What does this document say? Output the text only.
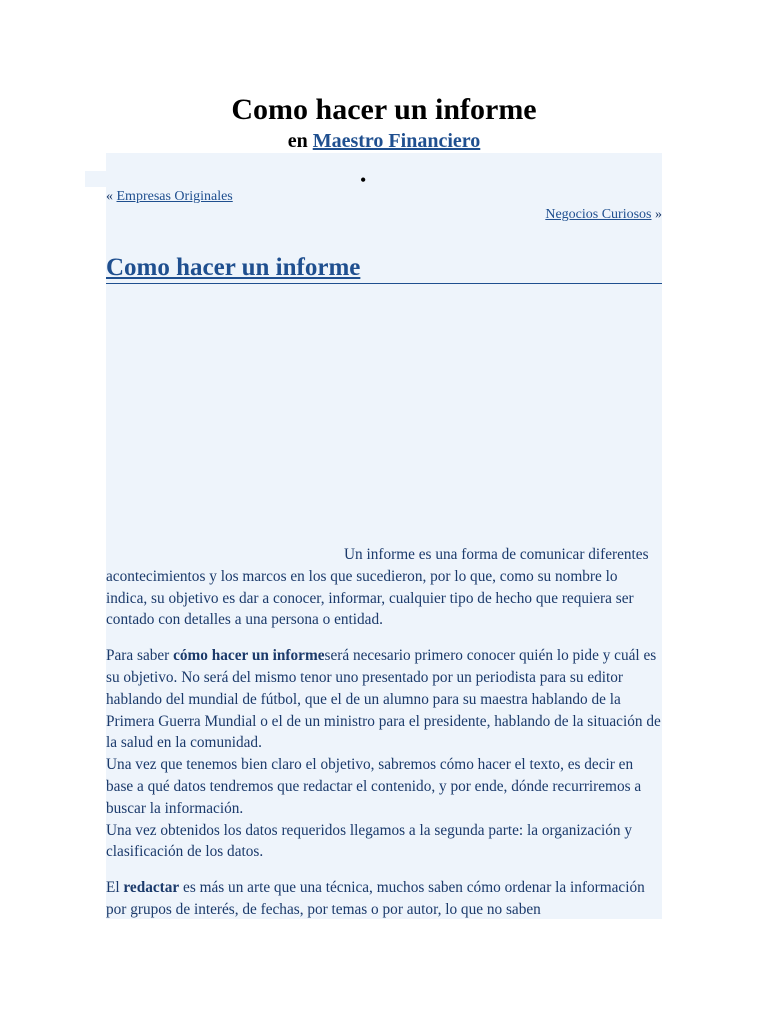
Como hacer un informe
en Maestro Financiero
•
« Empresas Originales
Negocios Curiosos »
Como hacer un informe

Un informe es una forma de comunicar diferentes acontecimientos y los marcos en los que sucedieron, por lo que, como su nombre lo indica, su objetivo es dar a conocer, informar, cualquier tipo de hecho que requiera ser contado con detalles a una persona o entidad.

Para saber cómo hacer un informeserá necesario primero conocer quién lo pide y cuál es su objetivo. No será del mismo tenor uno presentado por un periodista para su editor hablando del mundial de fútbol, que el de un alumno para su maestra hablando de la Primera Guerra Mundial o el de un ministro para el presidente, hablando de la situación de la salud en la comunidad.
Una vez que tenemos bien claro el objetivo, sabremos cómo hacer el texto, es decir en base a qué datos tendremos que redactar el contenido, y por ende, dónde recurriremos a buscar la información.
Una vez obtenidos los datos requeridos llegamos a la segunda parte: la organización y clasificación de los datos.

El redactar es más un arte que una técnica, muchos saben cómo ordenar la información por grupos de interés, de fechas, por temas o por autor, lo que no saben
